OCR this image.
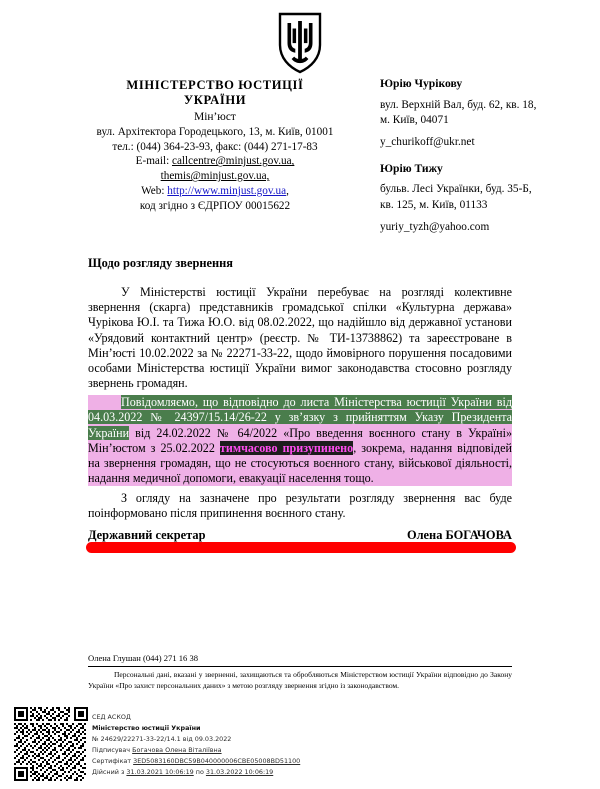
МІНІСТЕРСТВО ЮСТИЦІЇ
УКРАЇНИ
Мін’юст
вул. Архітектора Городецького, 13, м. Київ, 01001
тел.: (044) 364-23-93, факс: (044) 271-17-83
E-mail: callcentre@minjust.gov.ua,
themis@minjust.gov.ua,
Web: http://www.minjust.gov.ua,
код згідно з ЄДРПОУ 00015622
Юрію Чурікову
вул. Верхній Вал, буд. 62, кв. 18,
м. Київ, 04071
y_churikoff@ukr.net
Юрію Тижу
бульв. Лесі Українки, буд. 35-Б,
кв. 125, м. Київ, 01133
yuriy_tyzh@yahoo.com
Щодо розгляду звернення

У Міністерстві юстиції України перебуває на розгляді колективне звернення (скарга) представників громадської спілки «Культурна держава» Чурікова Ю.І. та Тижа Ю.О. від 08.02.2022, що надійшло від державної установи «Урядовий контактний центр» (реєстр. № ТИ-13738862) та зареєстроване в Мін’юсті 10.02.2022 за № 22271-33-22, щодо ймовірного порушення посадовими особами Міністерства юстиції України вимог законодавства стосовно розгляду звернень громадян.

Повідомляємо, що відповідно до листа Міністерства юстиції України від 04.03.2022 № 24397/15.14/26-22 у зв’язку з прийняттям Указу Президента України від 24.02.2022 № 64/2022 «Про введення воєнного стану в Україні» Мін’юстом з 25.02.2022 тимчасово призупинено, зокрема, надання відповідей на звернення громадян, що не стосуються воєнного стану, військової діяльності, надання медичної допомоги, евакуації населення тощо.

З огляду на зазначене про результати розгляду звернення вас буде поінформовано після припинення воєнного стану.

Державний секретар	Олена БОГАЧОВА
Олена Глушан (044) 271 16 38
Персональні дані, вказані у зверненні, захищаються та обробляються Міністерством юстиції України відповідно до Закону України «Про захист персональних даних» з метою розгляду звернення згідно із законодавством.
СЕД АСКОД
Міністерство юстиції України
№ 24629/22271-33-22/14.1 від 09.03.2022
Підписувач Богачова Олена Віталіївна
Сертифікат 3ED5083160DBC59B040000006CBE05008BD51100
Дійсний з 31.03.2021 10:06:19 по 31.03.2022 10:06:19
